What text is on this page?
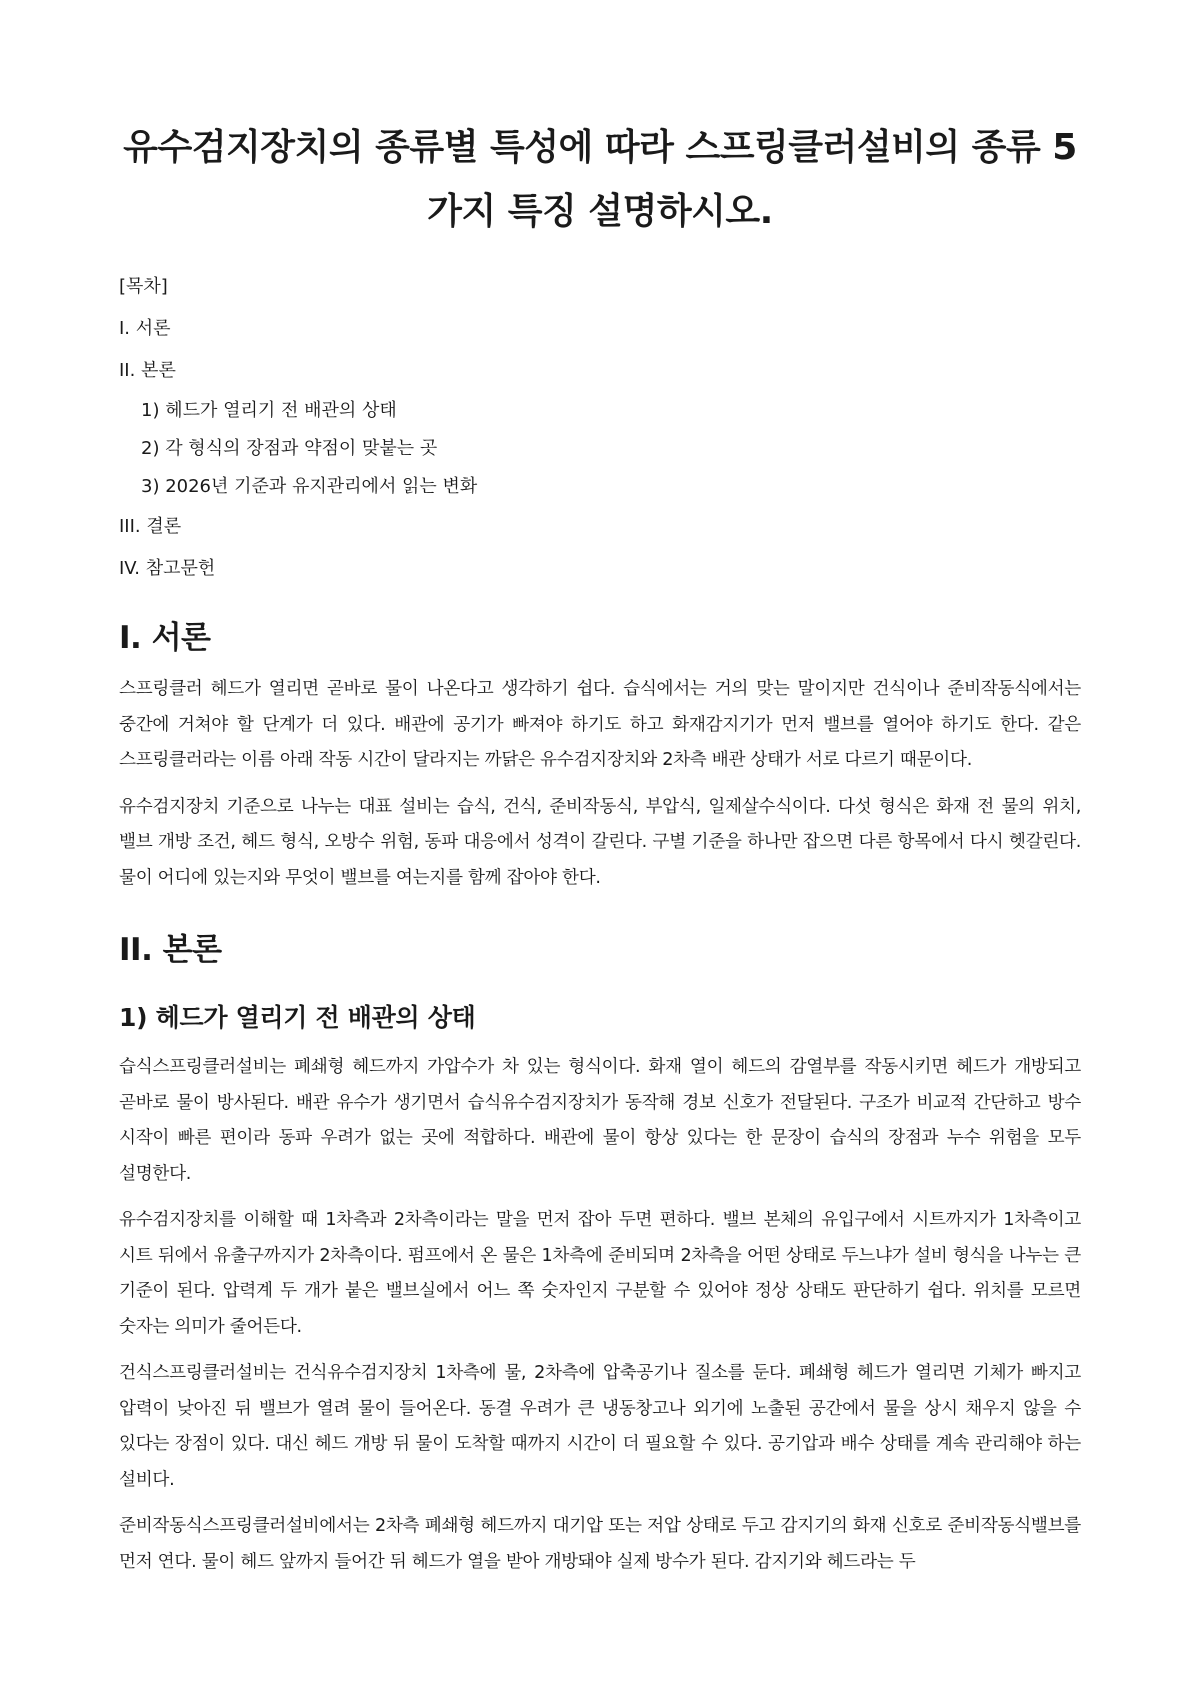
유수검지장치의 종류별 특성에 따라 스프링클러설비의 종류 5가지 특징 설명하시오.
[목차]
I. 서론
II. 본론
1) 헤드가 열리기 전 배관의 상태
2) 각 형식의 장점과 약점이 맞붙는 곳
3) 2026년 기준과 유지관리에서 읽는 변화
III. 결론
IV. 참고문헌
I. 서론

스프링클러 헤드가 열리면 곧바로 물이 나온다고 생각하기 쉽다. 습식에서는 거의 맞는 말이지만 건식이나 준비작동식에서는 중간에 거쳐야 할 단계가 더 있다. 배관에 공기가 빠져야 하기도 하고 화재감지기가 먼저 밸브를 열어야 하기도 한다. 같은 스프링클러라는 이름 아래 작동 시간이 달라지는 까닭은 유수검지장치와 2차측 배관 상태가 서로 다르기 때문이다.

유수검지장치 기준으로 나누는 대표 설비는 습식, 건식, 준비작동식, 부압식, 일제살수식이다. 다섯 형식은 화재 전 물의 위치, 밸브 개방 조건, 헤드 형식, 오방수 위험, 동파 대응에서 성격이 갈린다. 구별 기준을 하나만 잡으면 다른 항목에서 다시 헷갈린다. 물이 어디에 있는지와 무엇이 밸브를 여는지를 함께 잡아야 한다.

II. 본론
1) 헤드가 열리기 전 배관의 상태

습식스프링클러설비는 폐쇄형 헤드까지 가압수가 차 있는 형식이다. 화재 열이 헤드의 감열부를 작동시키면 헤드가 개방되고 곧바로 물이 방사된다. 배관 유수가 생기면서 습식유수검지장치가 동작해 경보 신호가 전달된다. 구조가 비교적 간단하고 방수 시작이 빠른 편이라 동파 우려가 없는 곳에 적합하다. 배관에 물이 항상 있다는 한 문장이 습식의 장점과 누수 위험을 모두 설명한다.

유수검지장치를 이해할 때 1차측과 2차측이라는 말을 먼저 잡아 두면 편하다. 밸브 본체의 유입구에서 시트까지가 1차측이고 시트 뒤에서 유출구까지가 2차측이다. 펌프에서 온 물은 1차측에 준비되며 2차측을 어떤 상태로 두느냐가 설비 형식을 나누는 큰 기준이 된다. 압력계 두 개가 붙은 밸브실에서 어느 쪽 숫자인지 구분할 수 있어야 정상 상태도 판단하기 쉽다. 위치를 모르면 숫자는 의미가 줄어든다.

건식스프링클러설비는 건식유수검지장치 1차측에 물, 2차측에 압축공기나 질소를 둔다. 폐쇄형 헤드가 열리면 기체가 빠지고 압력이 낮아진 뒤 밸브가 열려 물이 들어온다. 동결 우려가 큰 냉동창고나 외기에 노출된 공간에서 물을 상시 채우지 않을 수 있다는 장점이 있다. 대신 헤드 개방 뒤 물이 도착할 때까지 시간이 더 필요할 수 있다. 공기압과 배수 상태를 계속 관리해야 하는 설비다.

준비작동식스프링클러설비에서는 2차측 폐쇄형 헤드까지 대기압 또는 저압 상태로 두고 감지기의 화재 신호로 준비작동식밸브를 먼저 연다. 물이 헤드 앞까지 들어간 뒤 헤드가 열을 받아 개방돼야 실제 방수가 된다. 감지기와 헤드라는 두
